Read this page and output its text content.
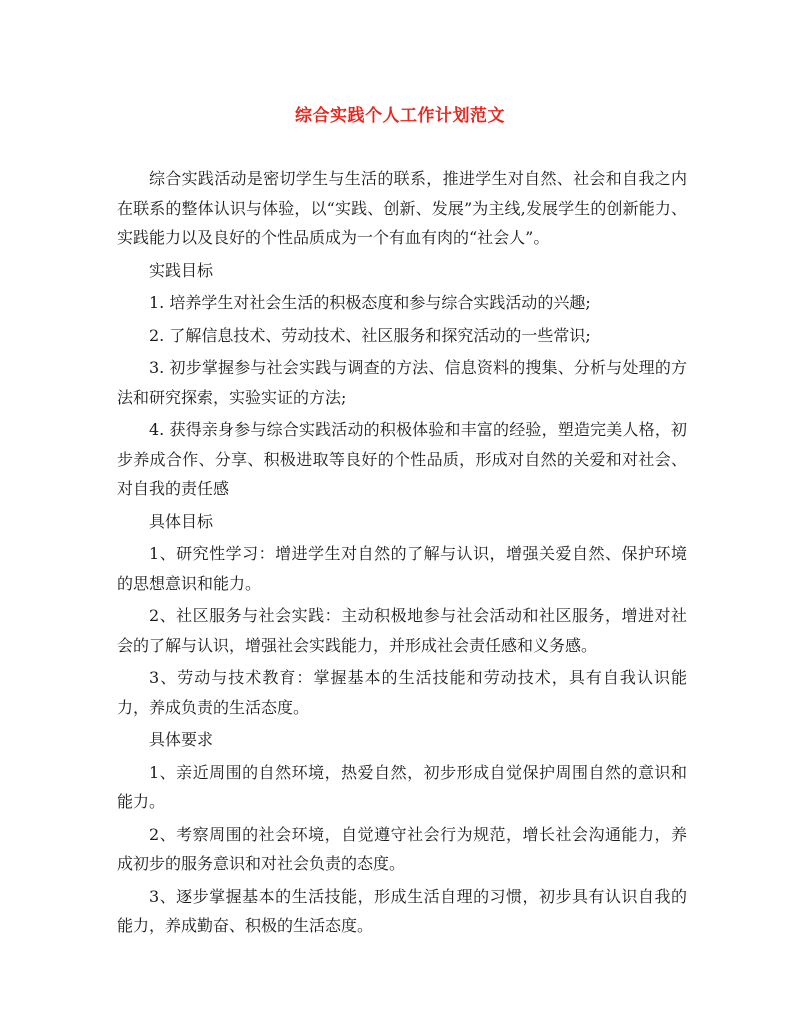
综合实践个人工作计划范文

综合实践活动是密切学生与生活的联系，推进学生对自然、社会和自我之内在联系的整体认识与体验，以“实践、创新、发展”为主线,发展学生的创新能力、实践能力以及良好的个性品质成为一个有血有肉的“社会人”。

实践目标

1. 培养学生对社会生活的积极态度和参与综合实践活动的兴趣;

2. 了解信息技术、劳动技术、社区服务和探究活动的一些常识;

3. 初步掌握参与社会实践与调查的方法、信息资料的搜集、分析与处理的方法和研究探索，实验实证的方法;

4. 获得亲身参与综合实践活动的积极体验和丰富的经验，塑造完美人格，初步养成合作、分享、积极进取等良好的个性品质，形成对自然的关爱和对社会、对自我的责任感

具体目标

1、研究性学习：增进学生对自然的了解与认识，增强关爱自然、保护环境的思想意识和能力。

2、社区服务与社会实践：主动积极地参与社会活动和社区服务，增进对社会的了解与认识，增强社会实践能力，并形成社会责任感和义务感。

3、劳动与技术教育：掌握基本的生活技能和劳动技术，具有自我认识能力，养成负责的生活态度。

具体要求

1、亲近周围的自然环境，热爱自然，初步形成自觉保护周围自然的意识和能力。

2、考察周围的社会环境，自觉遵守社会行为规范，增长社会沟通能力，养成初步的服务意识和对社会负责的态度。

3、逐步掌握基本的生活技能，形成生活自理的习惯，初步具有认识自我的能力，养成勤奋、积极的生活态度。
